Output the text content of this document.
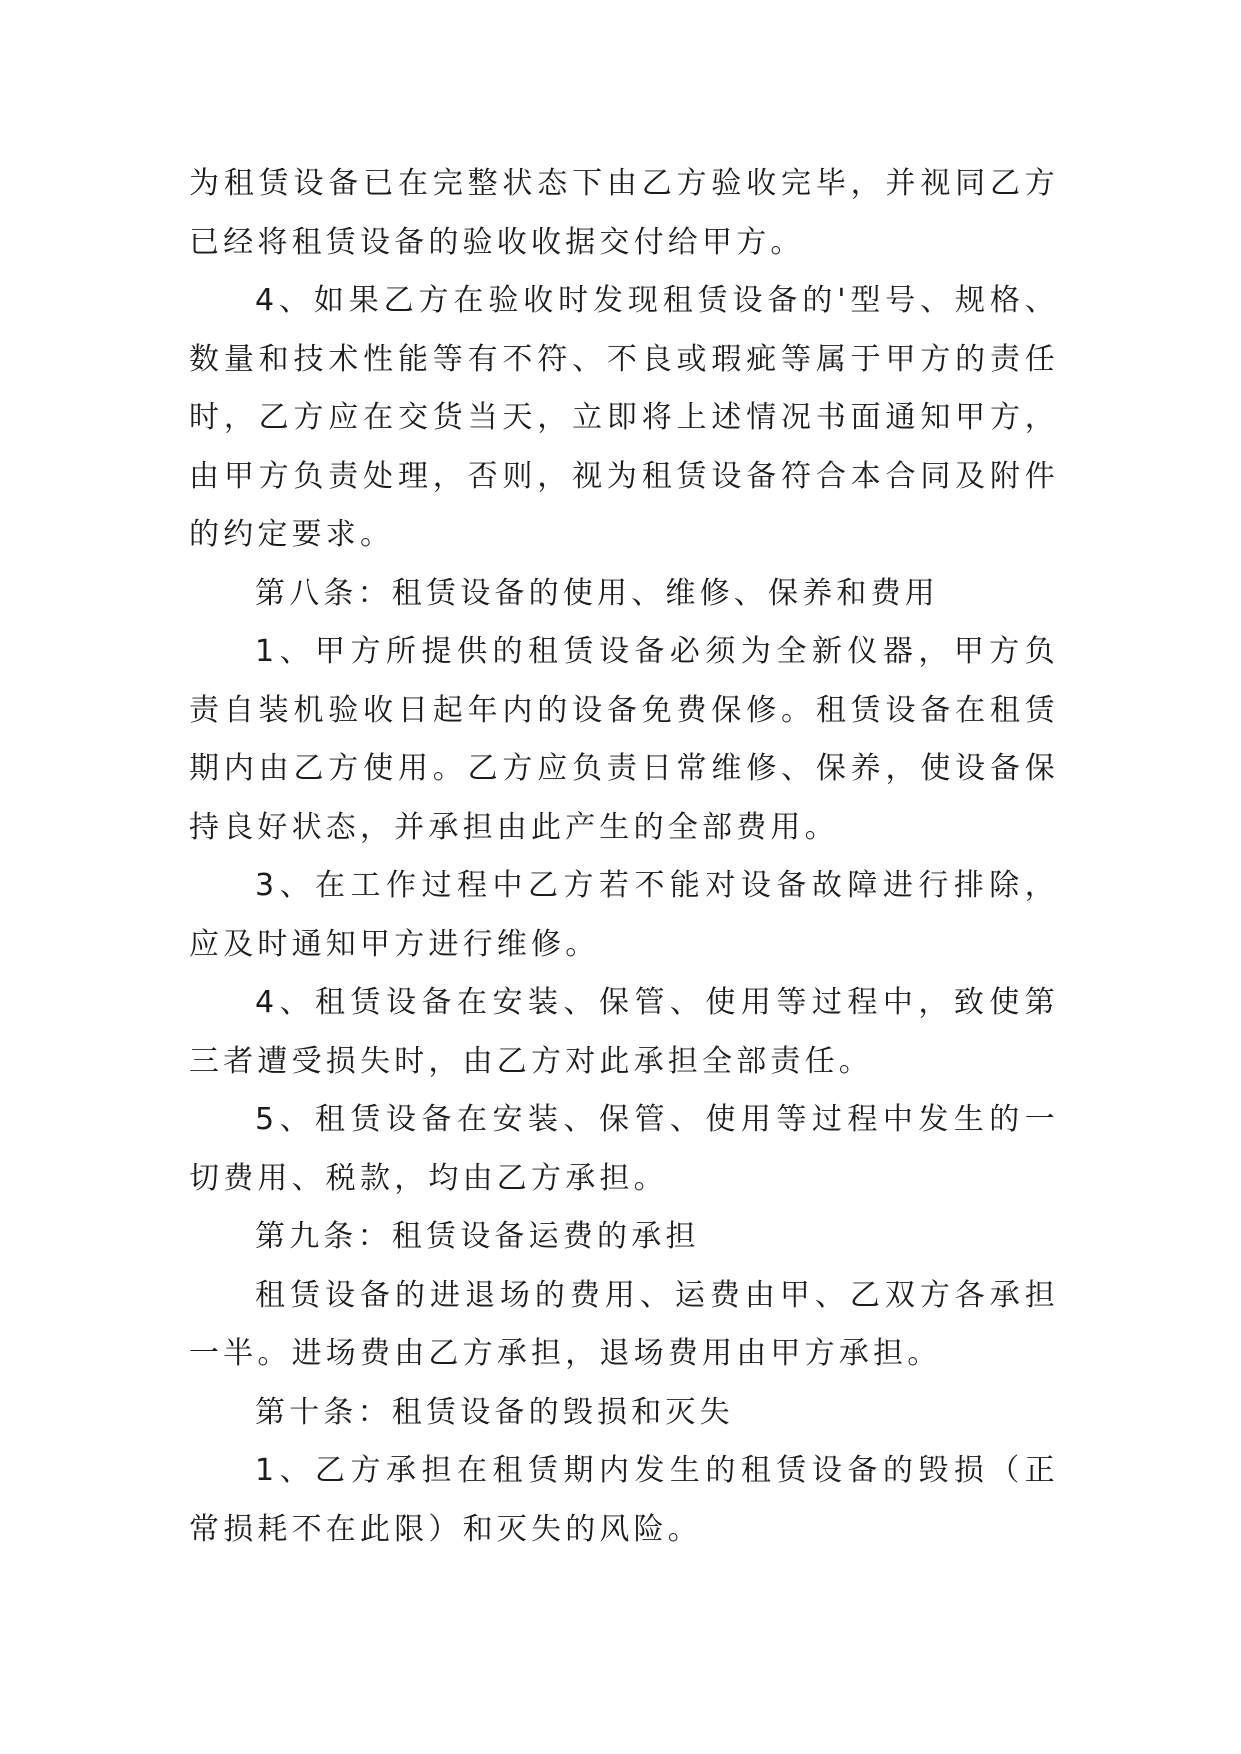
为租赁设备已在完整状态下由乙方验收完毕，并视同乙方已经将租赁设备的验收收据交付给甲方。

4、如果乙方在验收时发现租赁设备的'型号、规格、数量和技术性能等有不符、不良或瑕疵等属于甲方的责任时，乙方应在交货当天，立即将上述情况书面通知甲方，由甲方负责处理，否则，视为租赁设备符合本合同及附件的约定要求。

第八条：租赁设备的使用、维修、保养和费用

1、甲方所提供的租赁设备必须为全新仪器，甲方负责自装机验收日起年内的设备免费保修。租赁设备在租赁期内由乙方使用。乙方应负责日常维修、保养，使设备保持良好状态，并承担由此产生的全部费用。

3、在工作过程中乙方若不能对设备故障进行排除，应及时通知甲方进行维修。

4、租赁设备在安装、保管、使用等过程中，致使第三者遭受损失时，由乙方对此承担全部责任。

5、租赁设备在安装、保管、使用等过程中发生的一切费用、税款，均由乙方承担。

第九条：租赁设备运费的承担

租赁设备的进退场的费用、运费由甲、乙双方各承担一半。进场费由乙方承担，退场费用由甲方承担。

第十条：租赁设备的毁损和灭失

1、乙方承担在租赁期内发生的租赁设备的毁损（正常损耗不在此限）和灭失的风险。
